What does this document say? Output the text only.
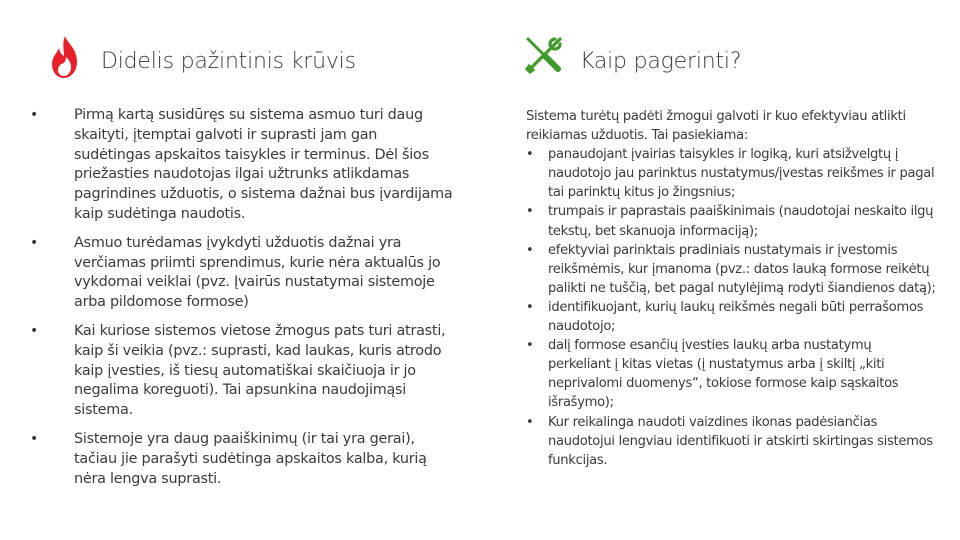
Didelis pažintinis krūvis	Kaip pagerinti?
• Pirmą kartą susidūręs su sistema asmuo turi daug skaityti, įtemptai galvoti ir suprasti jam gan sudėtingas apskaitos taisykles ir terminus. Dėl šios priežasties naudotojas ilgai užtrunks atlikdamas pagrindines užduotis, o sistema dažnai bus įvardijama kaip sudėtinga naudotis.
• Asmuo turėdamas įvykdyti užduotis dažnai yra verčiamas priimti sprendimus, kurie nėra aktualūs jo vykdomai veiklai (pvz. Įvairūs nustatymai sistemoje arba pildomose formose)
• Kai kuriose sistemos vietose žmogus pats turi atrasti, kaip ši veikia (pvz.: suprasti, kad laukas, kuris atrodo kaip įvesties, iš tiesų automatiškai skaičiuoja ir jo negalima koreguoti). Tai apsunkina naudojimąsi sistema.
• Sistemoje yra daug paaiškinimų (ir tai yra gerai), tačiau jie parašyti sudėtinga apskaitos kalba, kurią nėra lengva suprasti.

Sistema turėtų padėti žmogui galvoti ir kuo efektyviau atlikti reikiamas užduotis. Tai pasiekiama:

• panaudojant įvairias taisykles ir logiką, kuri atsižvelgtų į naudotojo jau parinktus nustatymus/įvestas reikšmes ir pagal tai parinktų kitus jo žingsnius;
• trumpais ir paprastais paaiškinimais (naudotojai neskaito ilgų tekstų, bet skanuoja informaciją);
• efektyviai parinktais pradiniais nustatymais ir įvestomis reikšmėmis, kur įmanoma (pvz.: datos lauką formose reikėtų palikti ne tuščią, bet pagal nutylėjimą rodyti šiandienos datą);
• identifikuojant, kurių laukų reikšmės negali būti perrašomos naudotojo;
• dalį formose esančių įvesties laukų arba nustatymų perkeliant į kitas vietas (į nustatymus arba į skiltį „kiti neprivalomi duomenys“, tokiose formose kaip sąskaitos išrašymo);
• Kur reikalinga naudoti vaizdines ikonas padėsiančias naudotojui lengviau identifikuoti ir atskirti skirtingas sistemos funkcijas.
